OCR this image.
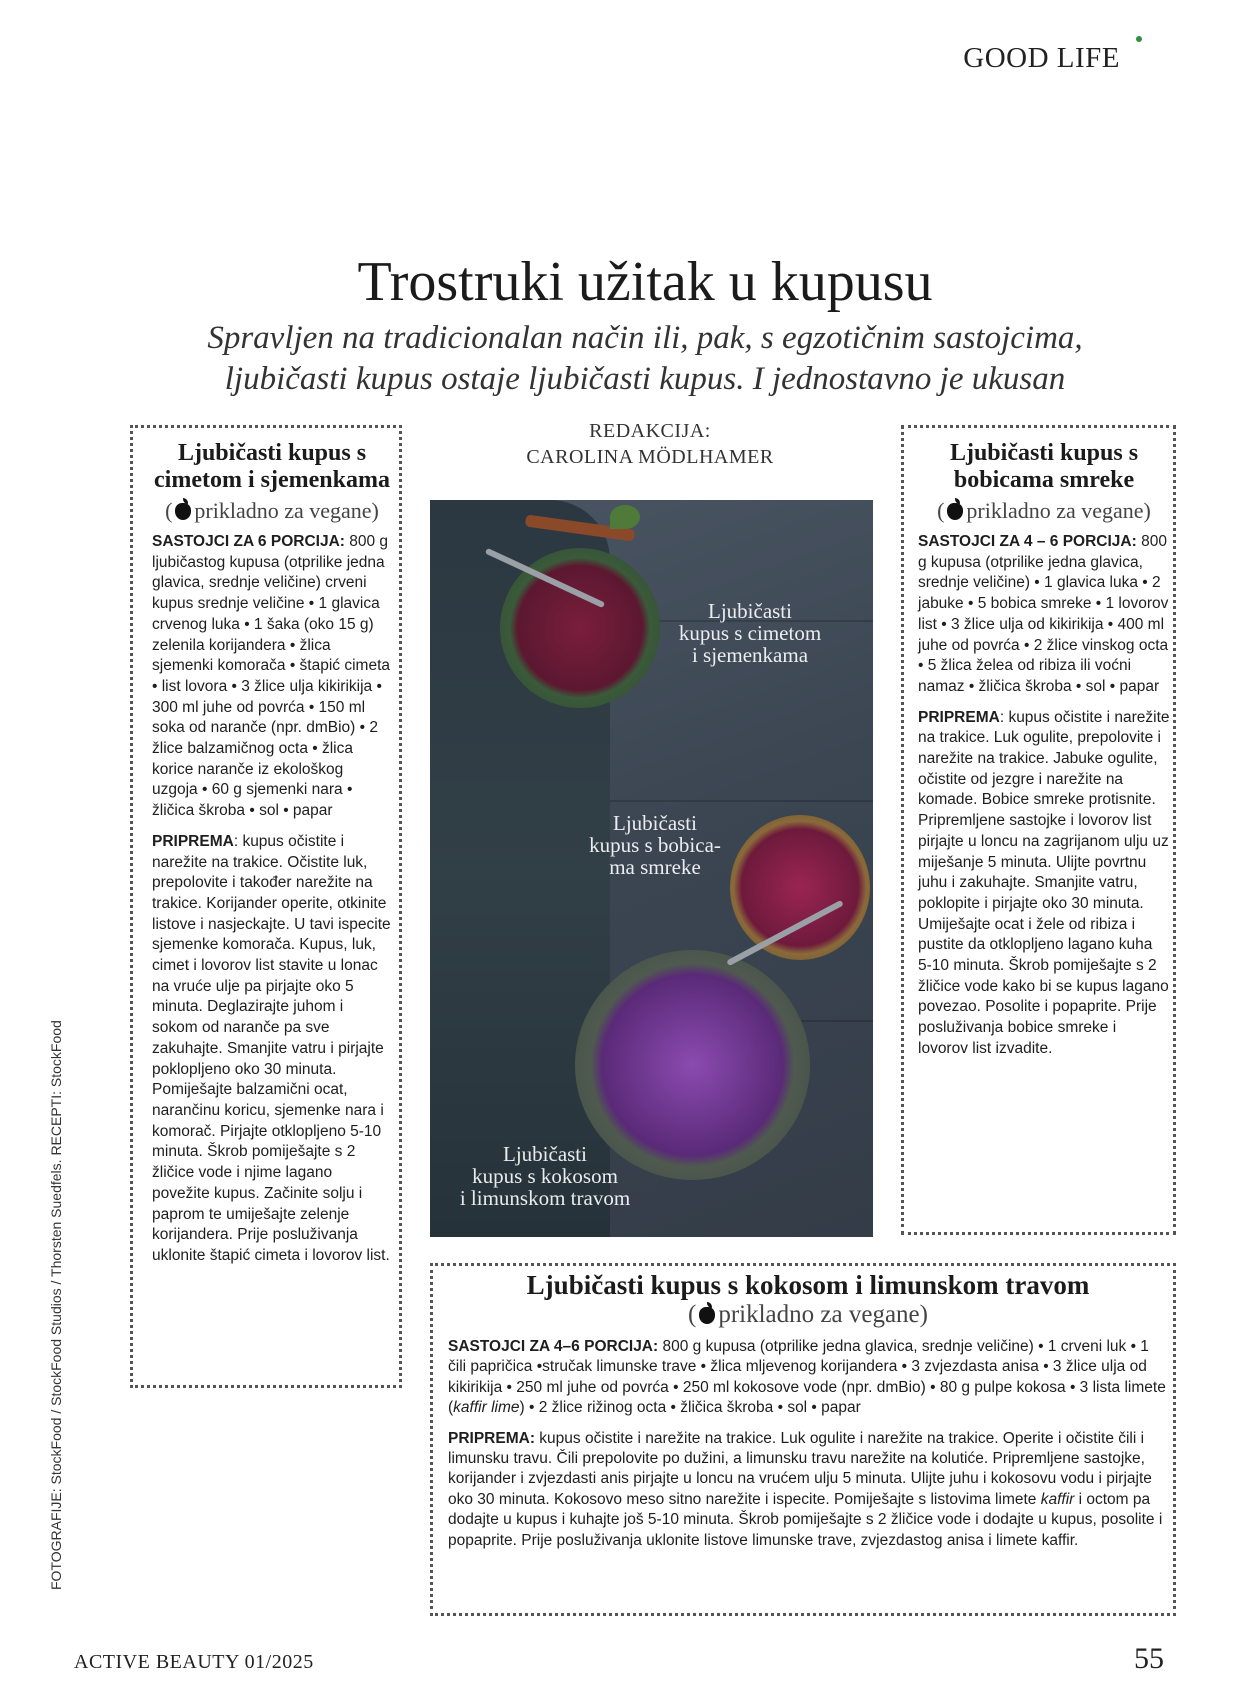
GOOD LIFE
Trostruki užitak u kupusu
Spravljen na tradicionalan način ili, pak, s egzotičnim sastojcima,
ljubičasti kupus ostaje ljubičasti kupus. I jednostavno je ukusan
REDAKCIJA:
CAROLINA MÖDLHAMER
Ljubičasti kupus s
cimetom i sjemenkama
( prikladno za vegane)
SASTOJCI ZA 6 PORCIJA: 800 g ljubičastog kupusa (otprilike jedna glavica, srednje veličine) crveni kupus srednje veličine • 1 glavica crvenog luka • 1 šaka (oko 15 g) zelenila korijandera • žlica sjemenki komorača • štapić cimeta • list lovora • 3 žlice ulja kikirikija • 300 ml juhe od povrća • 150 ml soka od naranče (npr. dmBio) • 2 žlice balzamičnog octa • žlica korice naranče iz ekološkog uzgoja • 60 g sjemenki nara • žličica škroba • sol • papar
PRIPREMA: kupus očistite i narežite na trakice. Očistite luk, prepolovite i također narežite na trakice. Korijander operite, otkinite listove i nasjeckajte. U tavi ispecite sjemenke komorača. Kupus, luk, cimet i lovorov list stavite u lonac na vruće ulje pa pirjajte oko 5 minuta. Deglazirajte juhom i sokom od naranče pa sve zakuhajte. Smanjite vatru i pirjajte poklopljeno oko 30 minuta. Pomiješajte balzamični ocat, narančinu koricu, sjemenke nara i komorač. Pirjajte otklopljeno 5-10 minuta. Škrob pomiješajte s 2 žličice vode i njime lagano povežite kupus. Začinite solju i paprom te umiješajte zelenje korijandera. Prije posluživanja uklonite štapić cimeta i lovorov list.
Ljubičasti kupus s
bobicama smreke
( prikladno za vegane)
SASTOJCI ZA 4 – 6 PORCIJA: 800 g kupusa (otprilike jedna glavica, srednje veličine) • 1 glavica luka • 2 jabuke • 5 bobica smreke • 1 lovorov list • 3 žlice ulja od kikirikija • 400 ml juhe od povrća • 2 žlice vinskog octa • 5 žlica želea od ribiza ili voćni namaz • žličica škroba • sol • papar
PRIPREMA: kupus očistite i narežite na trakice. Luk ogulite, prepolovite i narežite na trakice. Jabuke ogulite, očistite od jezgre i narežite na komade. Bobice smreke protisnite. Pripremljene sastojke i lovorov list pirjajte u loncu na zagrijanom ulju uz miješanje 5 minuta. Ulijte povrtnu juhu i zakuhajte. Smanjite vatru, poklopite i pirjajte oko 30 minuta. Umiješajte ocat i žele od ribiza i pustite da otklopljeno lagano kuha 5-10 minuta. Škrob pomiješajte s 2 žličice vode kako bi se kupus lagano povezao. Posolite i popaprite. Prije posluživanja bobice smreke i lovorov list izvadite.
Ljubičasti
kupus s cimetom
i sjemenkama
Ljubičasti
kupus s bobica-
ma smreke
Ljubičasti
kupus s kokosom
i limunskom travom
Ljubičasti kupus s kokosom i limunskom travom
( prikladno za vegane)
SASTOJCI ZA 4–6 PORCIJA: 800 g kupusa (otprilike jedna glavica, srednje veličine) • 1 crveni luk • 1 čili papričica •stručak limunske trave • žlica mljevenog korijandera • 3 zvjezdasta anisa • 3 žlice ulja od kikirikija • 250 ml juhe od povrća • 250 ml kokosove vode (npr. dmBio) • 80 g pulpe kokosa • 3 lista limete (kaffir lime) • 2 žlice rižinog octa • žličica škroba • sol • papar
PRIPREMA: kupus očistite i narežite na trakice. Luk ogulite i narežite na trakice. Operite i očistite čili i limunsku travu. Čili prepolovite po dužini, a limunsku travu narežite na kolutiće. Pripremljene sastojke, korijander i zvjezdasti anis pirjajte u loncu na vrućem ulju 5 minuta. Ulijte juhu i kokosovu vodu i pirjajte oko 30 minuta. Kokosovo meso sitno narežite i ispecite. Pomiješajte s listovima limete kaffir i octom pa dodajte u kupus i kuhajte još 5-10 minuta. Škrob pomiješajte s 2 žličice vode i dodajte u kupus, posolite i popaprite. Prije posluživanja uklonite listove limunske trave, zvjezdastog anisa i limete kaffir.
FOTOGRAFIJE: StockFood / StockFood Studios / Thorsten Suedfels. RECEPTI: StockFood
ACTIVE BEAUTY 01/2025	55
